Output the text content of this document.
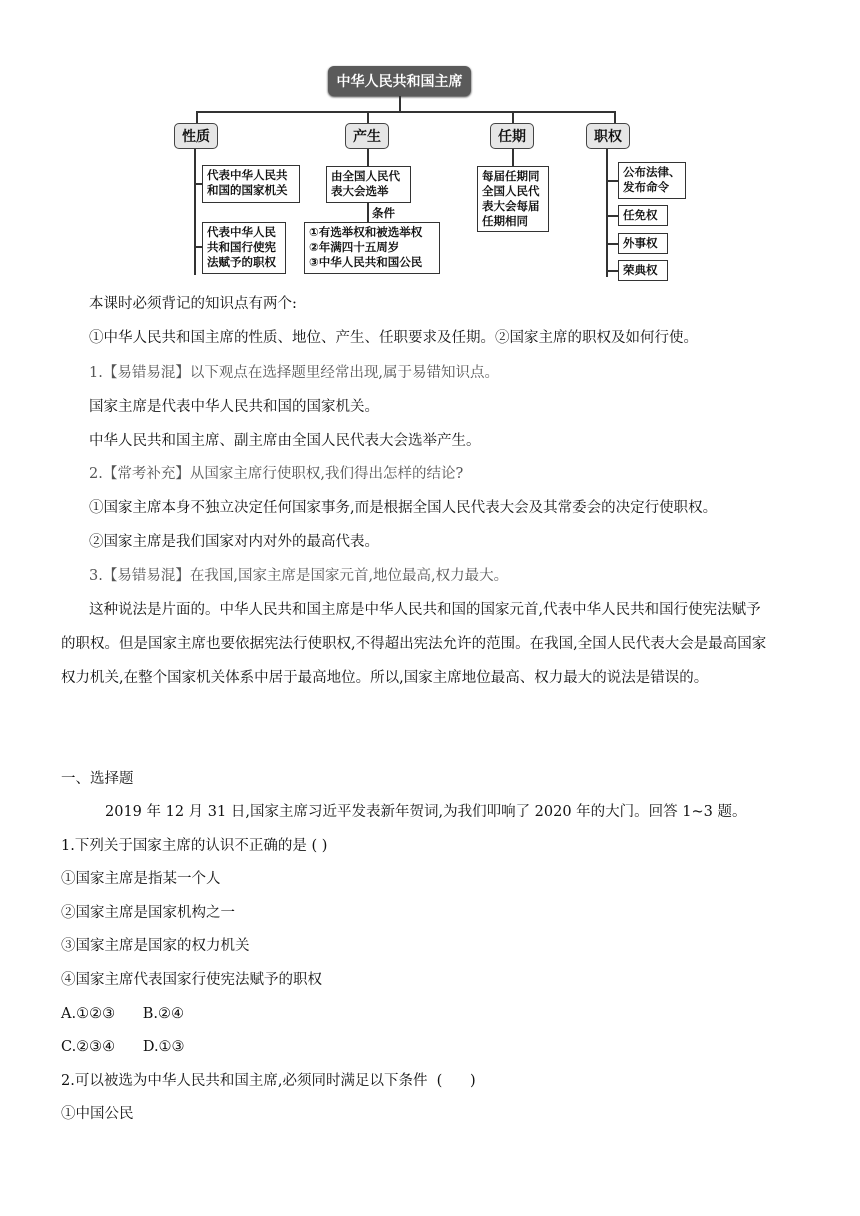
中华人民共和国主席
性质	产生	任期	职权
代表中华人民共
和国的国家机关
代表中华人民
共和国行使宪
法赋予的职权
由全国人民代
表大会选举
条件
①有选举权和被选举权
②年满四十五周岁
③中华人民共和国公民
每届任期同
全国人民代
表大会每届
任期相同
公布法律、
发布命令
任免权
外事权
荣典权
本课时必须背记的知识点有两个:
①中华人民共和国主席的性质、地位、产生、任职要求及任期。②国家主席的职权及如何行使。
1.【易错易混】以下观点在选择题里经常出现,属于易错知识点。
国家主席是代表中华人民共和国的国家机关。
中华人民共和国主席、副主席由全国人民代表大会选举产生。
2.【常考补充】从国家主席行使职权,我们得出怎样的结论?
①国家主席本身不独立决定任何国家事务,而是根据全国人民代表大会及其常委会的决定行使职权。
②国家主席是我们国家对内对外的最高代表。
3.【易错易混】在我国,国家主席是国家元首,地位最高,权力最大。
这种说法是片面的。中华人民共和国主席是中华人民共和国的国家元首,代表中华人民共和国行使宪法赋予
的职权。但是国家主席也要依据宪法行使职权,不得超出宪法允许的范围。在我国,全国人民代表大会是最高国家
权力机关,在整个国家机关体系中居于最高地位。所以,国家主席地位最高、权力最大的说法是错误的。
一、选择题
2019 年 12 月 31 日,国家主席习近平发表新年贺词,为我们叩响了 2020 年的大门。回答 1~3 题。
1.下列关于国家主席的认识不正确的是 ( )
①国家主席是指某一个人
②国家主席是国家机构之一
③国家主席是国家的权力机关
④国家主席代表国家行使宪法赋予的职权
A.①②③      B.②④
C.②③④      D.①③
2.可以被选为中华人民共和国主席,必须同时满足以下条件  (      )
①中国公民
